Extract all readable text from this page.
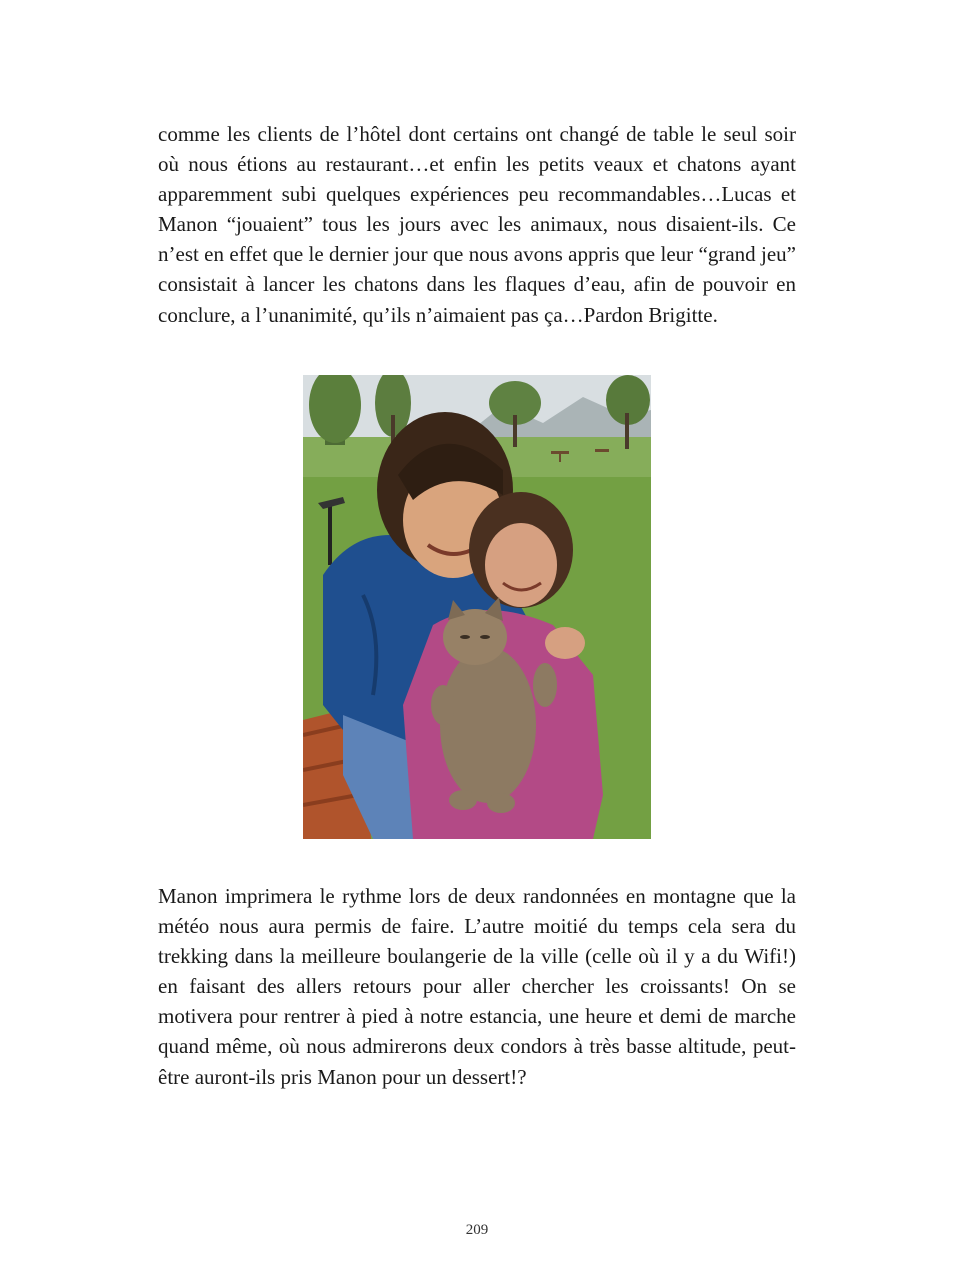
comme les clients de l’hôtel dont certains ont changé de table le seul soir où nous étions au restaurant…et enfin les petits veaux et chatons ayant apparemment subi quelques expériences peu recommandables…Lucas et Manon “jouaient” tous les jours avec les animaux, nous disaient-ils. Ce n’est en effet que le dernier jour que nous avons appris que leur “grand jeu” consistait à lancer les chatons dans les flaques d’eau, afin de pouvoir en conclure, a l’unanimité, qu’ils n’aimaient pas ça…Pardon Brigitte.

Manon imprimera le rythme lors de deux randonnées en montagne que la météo nous aura permis de faire. L’autre moitié du temps cela sera du trekking dans la meilleure boulangerie de la ville (celle où il y a du Wifi!) en faisant des allers retours pour aller chercher les croissants! On se motivera pour rentrer à pied à notre estancia, une heure et demi de marche quand même, où nous admirerons deux condors à très basse altitude, peut-être auront-ils pris Manon pour un dessert!?

209
